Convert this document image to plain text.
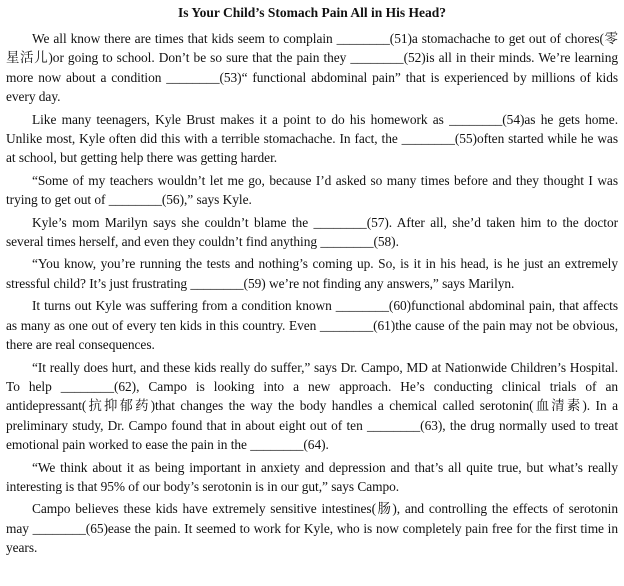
Is Your Child’s Stomach Pain All in His Head?

We all know there are times that kids seem to complain ________(51)a stomachache to get out of chores(零星活儿)or going to school. Don’t be so sure that the pain they ________(52)is all in their minds. We’re learning more now about a condition ________(53)“ functional abdominal pain” that is experienced by millions of kids every day.

Like many teenagers, Kyle Brust makes it a point to do his homework as ________(54)as he gets home. Unlike most, Kyle often did this with a terrible stomachache. In fact, the ________(55)often started while he was at school, but getting help there was getting harder.

“Some of my teachers wouldn’t let me go, because I’d asked so many times before and they thought I was trying to get out of ________(56),” says Kyle.

Kyle’s mom Marilyn says she couldn’t blame the ________(57). After all, she’d taken him to the doctor several times herself, and even they couldn’t find anything ________(58).

“You know, you’re running the tests and nothing’s coming up. So, is it in his head, is he just an extremely stressful child? It’s just frustrating ________(59) we’re not finding any answers,” says Marilyn.

It turns out Kyle was suffering from a condition known ________(60)functional abdominal pain, that affects as many as one out of every ten kids in this country. Even ________(61)the cause of the pain may not be obvious, there are real consequences.

“It really does hurt, and these kids really do suffer,” says Dr. Campo, MD at Nationwide Children’s Hospital. To help ________(62), Campo is looking into a new approach. He’s conducting clinical trials of an antidepressant(抗抑郁药)that changes the way the body handles a chemical called serotonin(血清素). In a preliminary study, Dr. Campo found that in about eight out of ten ________(63), the drug normally used to treat emotional pain worked to ease the pain in the ________(64).

“We think about it as being important in anxiety and depression and that’s all quite true, but what’s really interesting is that 95% of our body’s serotonin is in our gut,” says Campo.

Campo believes these kids have extremely sensitive intestines(肠), and controlling the effects of serotonin may ________(65)ease the pain. It seemed to work for Kyle, who is now completely pain free for the first time in years.
